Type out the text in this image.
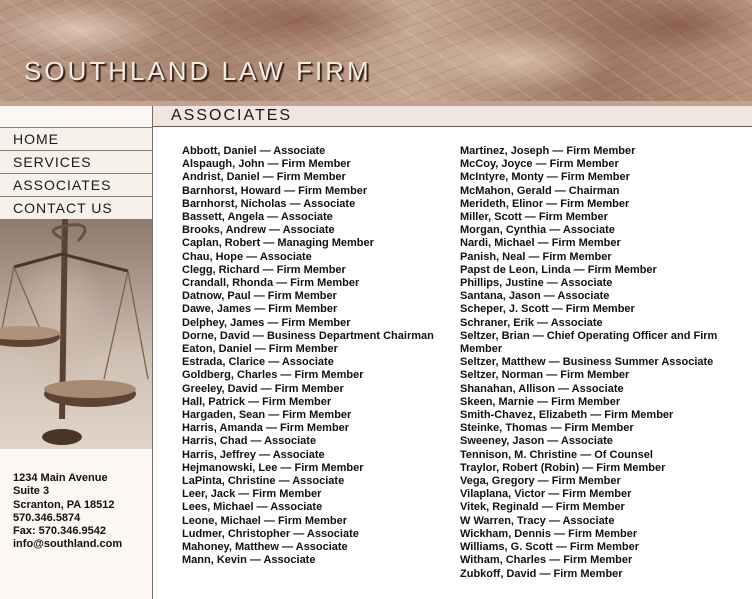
SOUTHLAND LAW FIRM
ASSOCIATES
HOME
SERVICES
ASSOCIATES
CONTACT US
1234 Main Avenue
Suite 3
Scranton, PA 18512
570.346.5874
Fax: 570.346.9542
info@southland.com
Abbott, Daniel — Associate
Alspaugh, John — Firm Member
Andrist, Daniel — Firm Member
Barnhorst, Howard — Firm Member
Barnhorst, Nicholas — Associate
Bassett, Angela — Associate
Brooks, Andrew — Associate
Caplan, Robert — Managing Member
Chau, Hope — Associate
Clegg, Richard — Firm Member
Crandall, Rhonda — Firm Member
Datnow, Paul — Firm Member
Dawe, James — Firm Member
Delphey, James — Firm Member
Dorne, David — Business Department Chairman
Eaton, Daniel — Firm Member
Estrada, Clarice — Associate
Goldberg, Charles — Firm Member
Greeley, David — Firm Member
Hall, Patrick — Firm Member
Hargaden, Sean — Firm Member
Harris, Amanda — Firm Member
Harris, Chad — Associate
Harris, Jeffrey — Associate
Hejmanowski, Lee — Firm Member
LaPinta, Christine — Associate
Leer, Jack — Firm Member
Lees, Michael — Associate
Leone, Michael — Firm Member
Ludmer, Christopher — Associate
Mahoney, Matthew — Associate
Mann, Kevin — Associate
Martinez, Joseph — Firm Member
McCoy, Joyce — Firm Member
McIntyre, Monty — Firm Member
McMahon, Gerald — Chairman
Merideth, Elinor — Firm Member
Miller, Scott — Firm Member
Morgan, Cynthia — Associate
Nardi, Michael — Firm Member
Panish, Neal — Firm Member
Papst de Leon, Linda — Firm Member
Phillips, Justine — Associate
Santana, Jason — Associate
Scheper, J. Scott — Firm Member
Schraner, Erik — Associate
Seltzer, Brian — Chief Operating Officer and Firm Member
Seltzer, Matthew — Business Summer Associate
Seltzer, Norman — Firm Member
Shanahan, Allison — Associate
Skeen, Marnie — Firm Member
Smith-Chavez, Elizabeth — Firm Member
Steinke, Thomas — Firm Member
Sweeney, Jason — Associate
Tennison, M. Christine — Of Counsel
Traylor, Robert (Robin) — Firm Member
Vega, Gregory — Firm Member
Vilaplana, Victor — Firm Member
Vitek, Reginald — Firm Member
W Warren, Tracy — Associate
Wickham, Dennis — Firm Member
Williams, G. Scott — Firm Member
Witham, Charles — Firm Member
Zubkoff, David — Firm Member
